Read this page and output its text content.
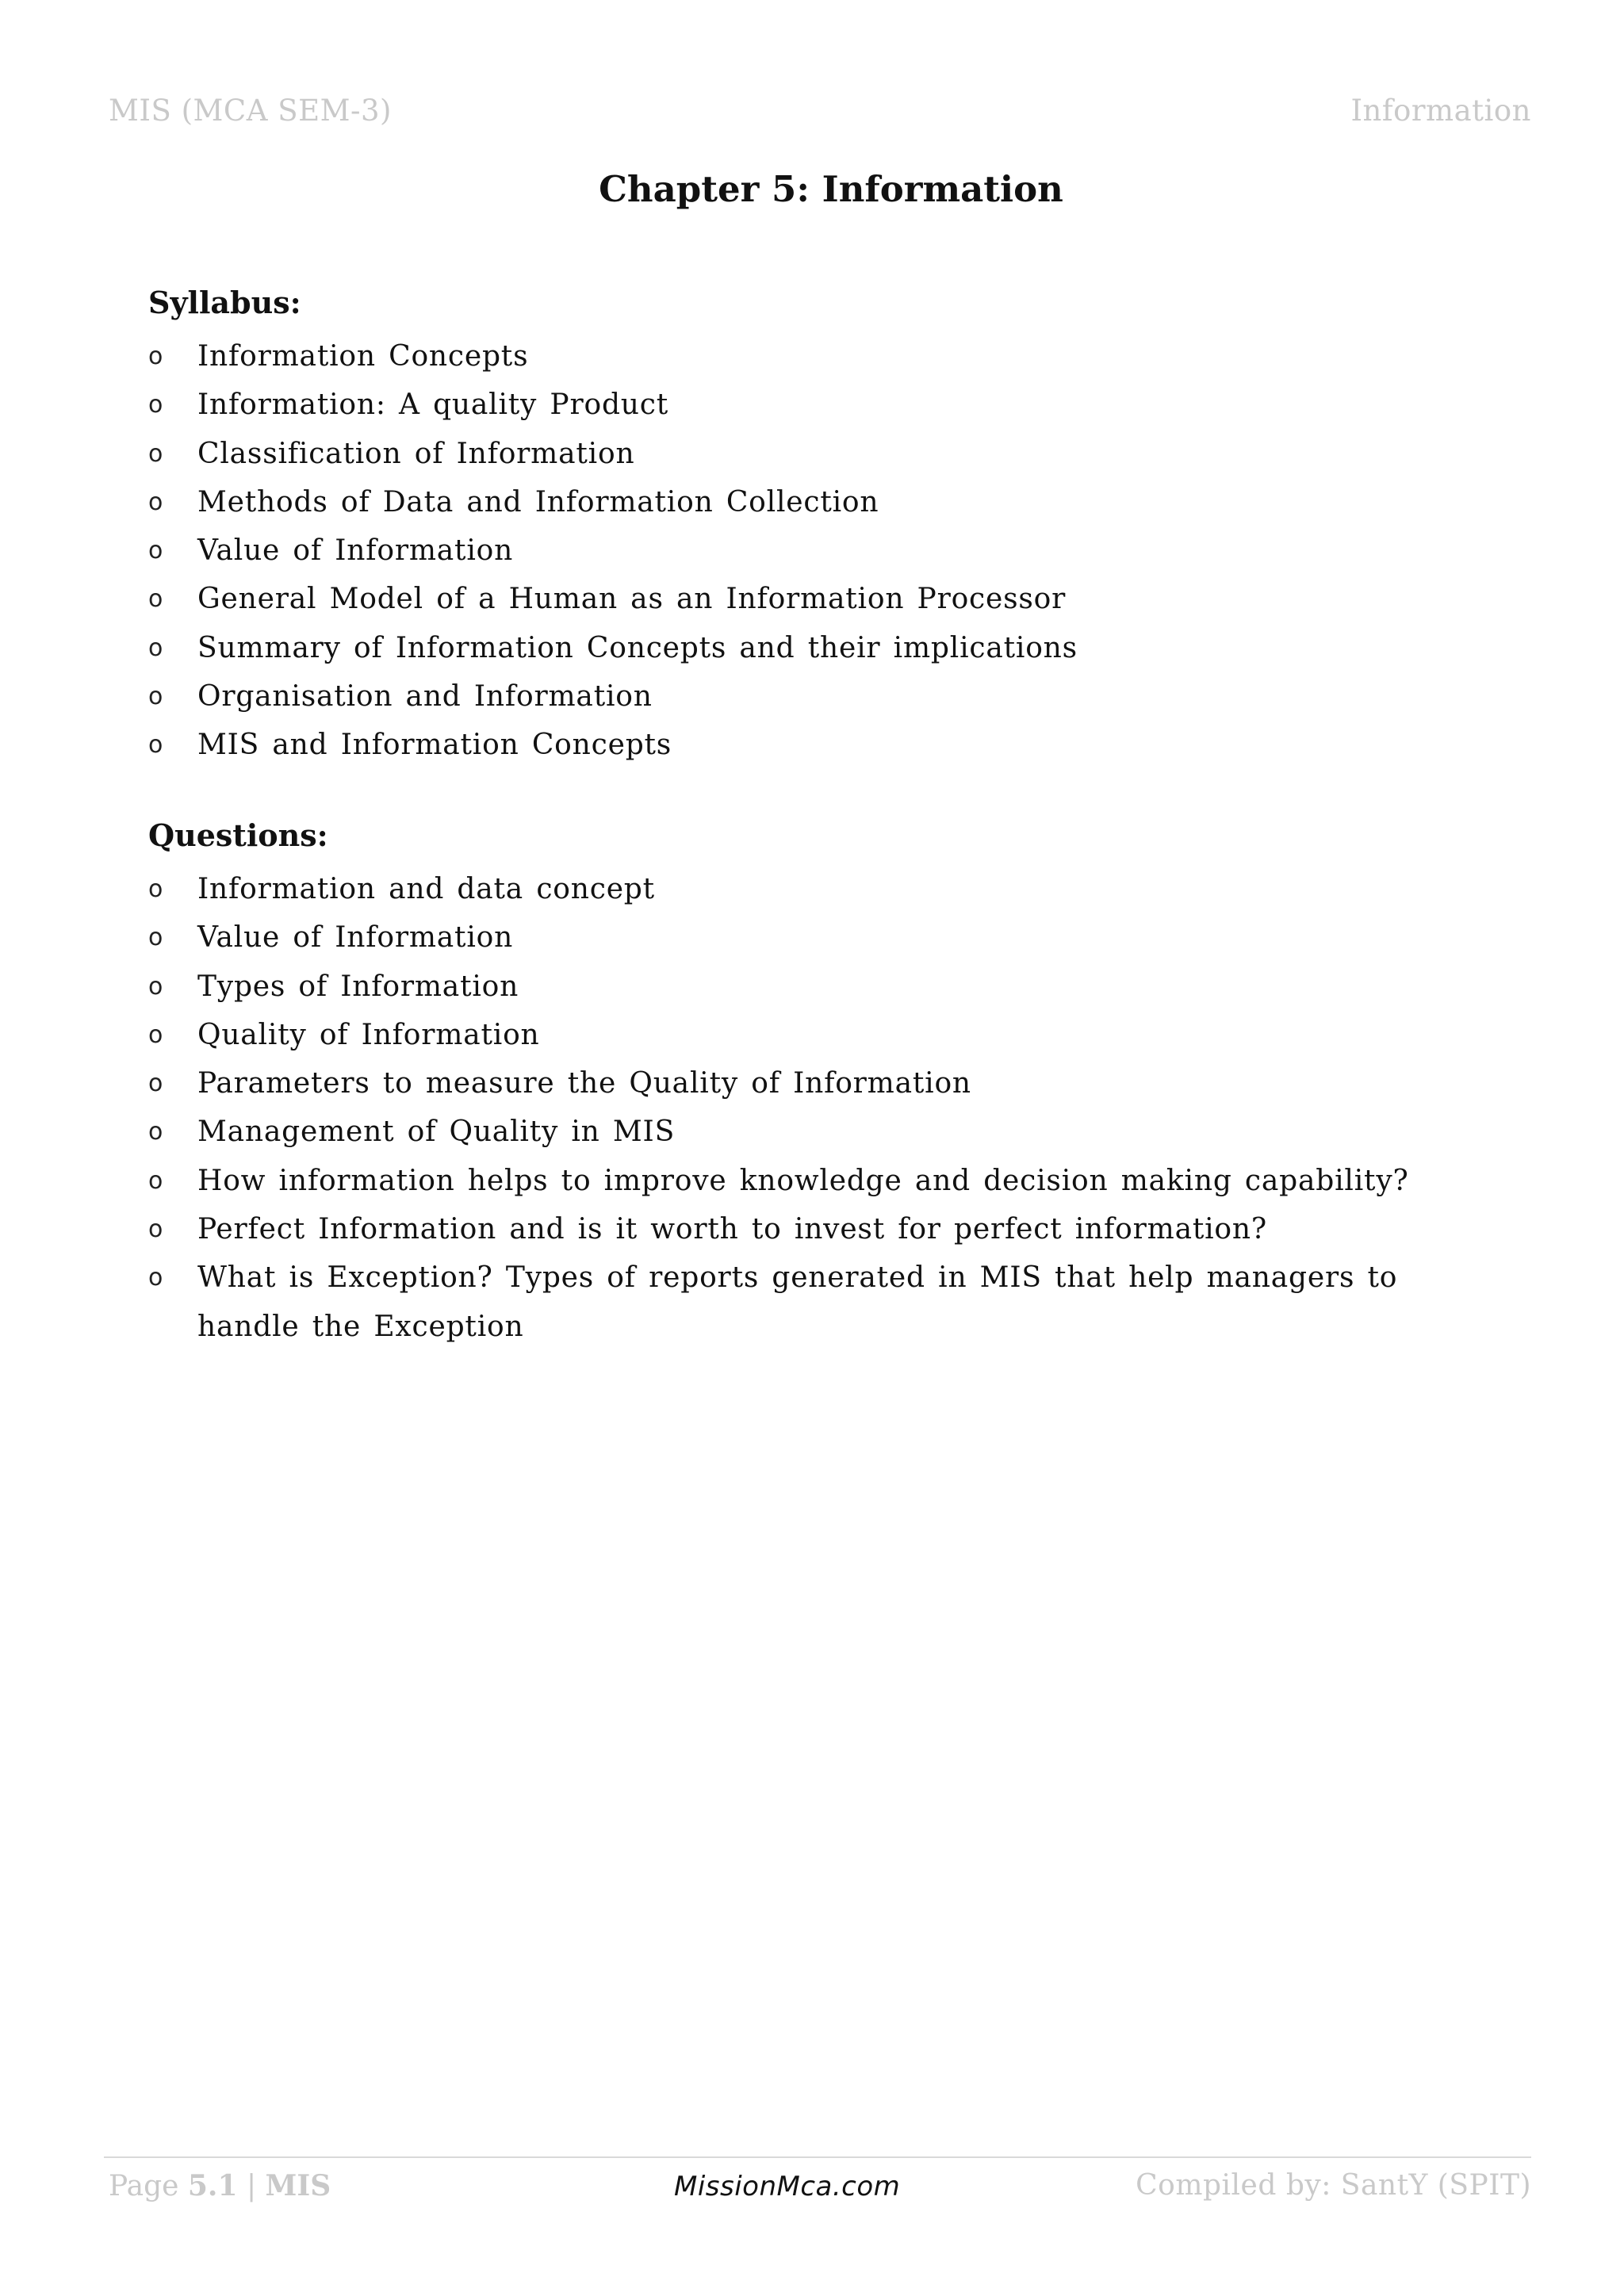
MIS (MCA SEM-3)	Information
Chapter 5: Information
Syllabus:
o Information Concepts
o Information: A quality Product
o Classification of Information
o Methods of Data and Information Collection
o Value of Information
o General Model of a Human as an Information Processor
o Summary of Information Concepts and their implications
o Organisation and Information
o MIS and Information Concepts
Questions:
o Information and data concept
o Value of Information
o Types of Information
o Quality of Information
o Parameters to measure the Quality of Information
o Management of Quality in MIS
o How information helps to improve knowledge and decision making capability?
o Perfect Information and is it worth to invest for perfect information?
o What is Exception? Types of reports generated in MIS that help managers to handle the Exception
Page 5.1 | MIS	MissionMca.com	Compiled by: SantY (SPIT)
